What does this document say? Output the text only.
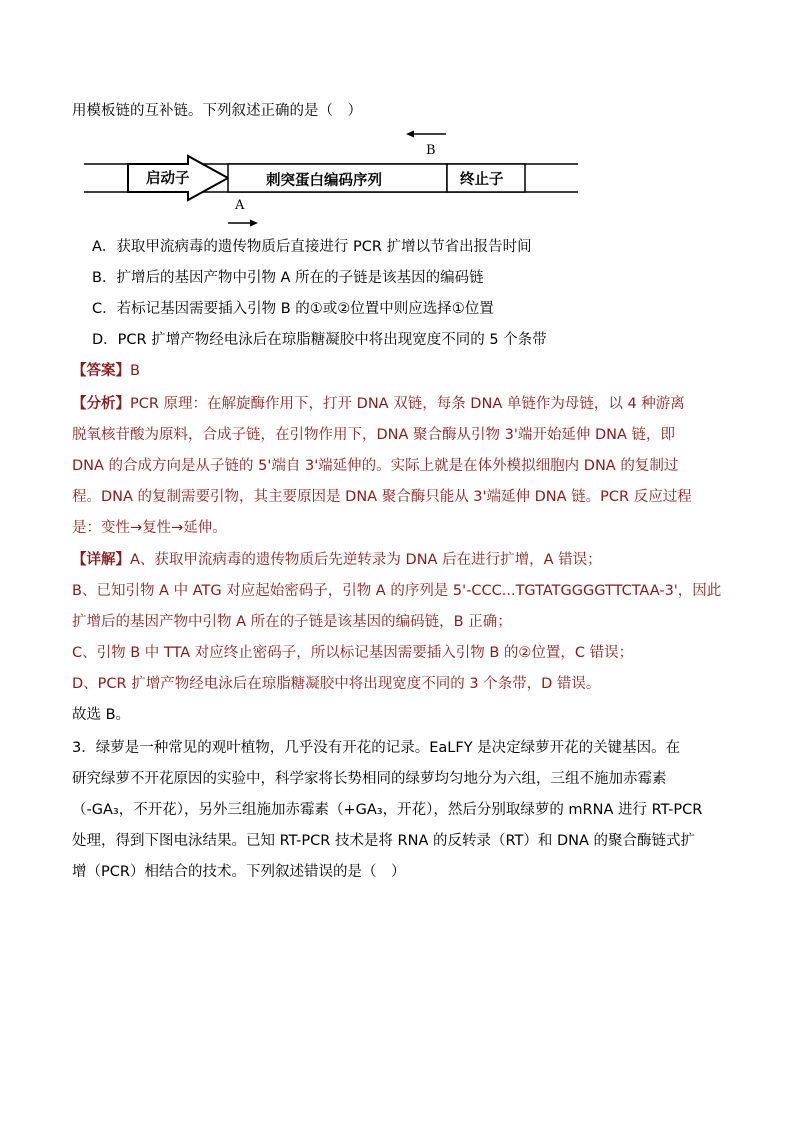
用模板链的互补链。下列叙述正确的是（　）
B
启动子	刺突蛋白编码序列	终止子
A
A．获取甲流病毒的遗传物质后直接进行 PCR 扩增以节省出报告时间
B．扩增后的基因产物中引物 A 所在的子链是该基因的编码链
C．若标记基因需要插入引物 B 的①或②位置中则应选择①位置
D．PCR 扩增产物经电泳后在琼脂糖凝胶中将出现宽度不同的 5 个条带
【答案】B
【分析】PCR 原理：在解旋酶作用下，打开 DNA 双链，每条 DNA 单链作为母链，以 4 种游离
脱氧核苷酸为原料，合成子链，在引物作用下，DNA 聚合酶从引物 3'端开始延伸 DNA 链，即
DNA 的合成方向是从子链的 5'端自 3'端延伸的。实际上就是在体外模拟细胞内 DNA 的复制过
程。DNA 的复制需要引物，其主要原因是 DNA 聚合酶只能从 3'端延伸 DNA 链。PCR 反应过程
是：变性→复性→延伸。
【详解】A、获取甲流病毒的遗传物质后先逆转录为 DNA 后在进行扩增，A 错误；
B、已知引物 A 中 ATG 对应起始密码子，引物 A 的序列是 5'-CCC...TGTATGGGGTTCTAA-3'，因此
扩增后的基因产物中引物 A 所在的子链是该基因的编码链，B 正确；
C、引物 B 中 TTA 对应终止密码子，所以标记基因需要插入引物 B 的②位置，C 错误；
D、PCR 扩增产物经电泳后在琼脂糖凝胶中将出现宽度不同的 3 个条带，D 错误。
故选 B。
3．绿萝是一种常见的观叶植物，几乎没有开花的记录。EaLFY 是决定绿萝开花的关键基因。在
研究绿萝不开花原因的实验中，科学家将长势相同的绿萝均匀地分为六组，三组不施加赤霉素
（-GA₃，不开花），另外三组施加赤霉素（+GA₃，开花），然后分别取绿萝的 mRNA 进行 RT-PCR
处理，得到下图电泳结果。已知 RT-PCR 技术是将 RNA 的反转录（RT）和 DNA 的聚合酶链式扩
增（PCR）相结合的技术。下列叙述错误的是（　）
